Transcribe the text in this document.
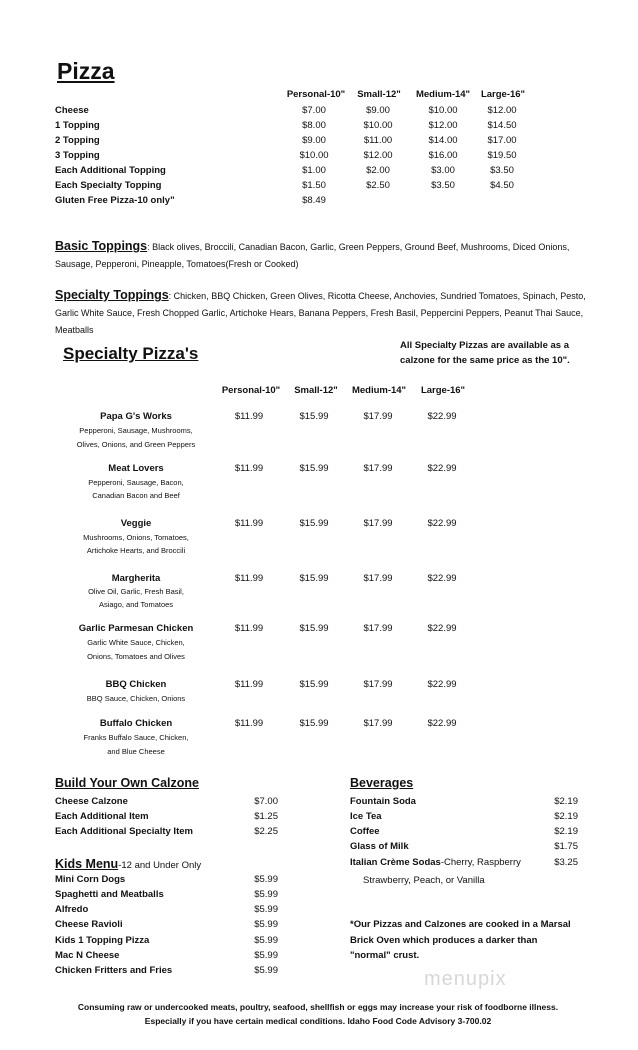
Pizza
Personal-10" Small-12" Medium-14" Large-16"
Cheese	$7.00	$9.00	$10.00	$12.00
1 Topping	$8.00	$10.00	$12.00	$14.50
2 Topping	$9.00	$11.00	$14.00	$17.00
3 Topping	$10.00	$12.00	$16.00	$19.50
Each Additional Topping	$1.00	$2.00	$3.00	$3.50
Each Specialty Topping	$1.50	$2.50	$3.50	$4.50
Gluten Free Pizza-10 only"	$8.49
Basic Toppings: Black olives, Broccili, Canadian Bacon, Garlic, Green Peppers, Ground Beef, Mushrooms, Diced Onions, Sausage, Pepperoni, Pineapple, Tomatoes(Fresh or Cooked)
Specialty Toppings: Chicken, BBQ Chicken, Green Olives, Ricotta Cheese, Anchovies, Sundried Tomatoes, Spinach, Pesto, Garlic White Sauce, Fresh Chopped Garlic, Artichoke Hears, Banana Peppers, Fresh Basil, Peppercini Peppers, Peanut Thai Sauce, Meatballs
Specialty Pizza's	All Specialty Pizzas are available as a
calzone for the same price as the 10".
Personal-10" Small-12" Medium-14" Large-16"
Papa G's Works
Pepperoni, Sausage, Mushrooms,
Olives, Onions, and Green Peppers
$11.99	$15.99	$17.99	$22.99
Meat Lovers
Pepperoni, Sausage, Bacon,
Canadian Bacon and Beef
$11.99	$15.99	$17.99	$22.99
Veggie
Mushrooms, Onions, Tomatoes,
Artichoke Hearts, and Broccili
$11.99	$15.99	$17.99	$22.99
Margherita
Olive Oil, Garlic, Fresh Basil,
Asiago, and Tomatoes
$11.99	$15.99	$17.99	$22.99
Garlic Parmesan Chicken
Garlic White Sauce, Chicken,
Onions, Tomatoes and Olives
$11.99	$15.99	$17.99	$22.99
BBQ Chicken
BBQ Sauce, Chicken, Onions
$11.99	$15.99	$17.99	$22.99
Buffalo Chicken
Franks Buffalo Sauce, Chicken,
and Blue Cheese
$11.99	$15.99	$17.99	$22.99
Build Your Own Calzone
Cheese Calzone	$7.00
Each Additional Item	$1.25
Each Additional Specialty Item	$2.25
Kids Menu-12 and Under Only
Mini Corn Dogs	$5.99
Spaghetti and Meatballs	$5.99
Alfredo	$5.99
Cheese Ravioli	$5.99
Kids 1 Topping Pizza	$5.99
Mac N Cheese	$5.99
Chicken Fritters and Fries	$5.99
Beverages
Fountain Soda	$2.19
Ice Tea	$2.19
Coffee	$2.19
Glass of Milk	$1.75
Italian Crème Sodas-Cherry, Raspberry	$3.25
Strawberry, Peach, or Vanilla
*Our Pizzas and Calzones are cooked in a Marsal
Brick Oven which produces a darker than
"normal" crust.
menupix
Consuming raw or undercooked meats, poultry, seafood, shellfish or eggs may increase your risk of foodborne illness.
Especially if you have certain medical conditions. Idaho Food Code Advisory 3-700.02
